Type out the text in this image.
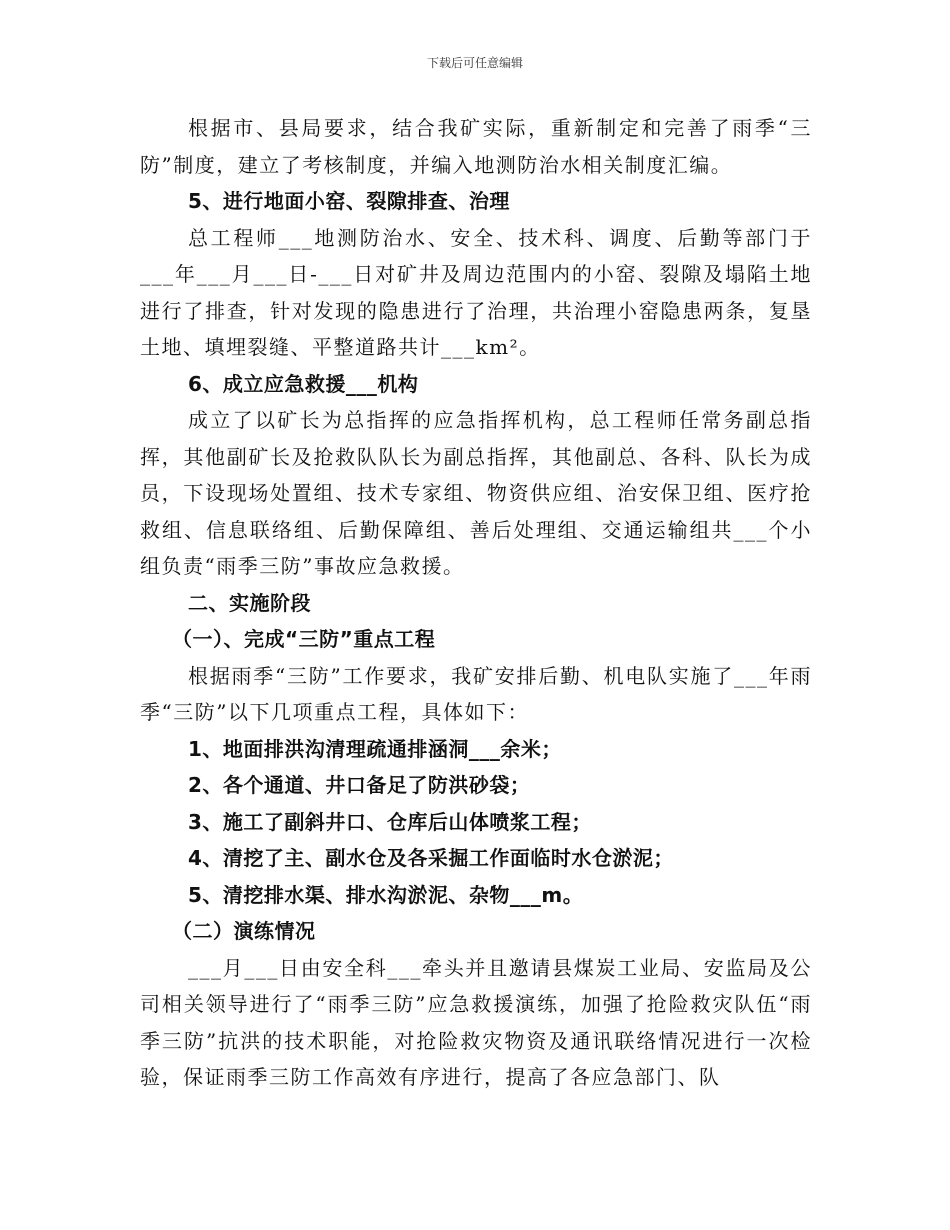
下载后可任意编辑

根据市、县局要求，结合我矿实际，重新制定和完善了雨季“三防”制度，建立了考核制度，并编入地测防治水相关制度汇编。

5、进行地面小窑、裂隙排查、治理

总工程师___地测防治水、安全、技术科、调度、后勤等部门于___年___月___日-___日对矿井及周边范围内的小窑、裂隙及塌陷土地进行了排查，针对发现的隐患进行了治理，共治理小窑隐患两条，复垦土地、填埋裂缝、平整道路共计___km²。

6、成立应急救援___机构

成立了以矿长为总指挥的应急指挥机构，总工程师任常务副总指挥，其他副矿长及抢救队队长为副总指挥，其他副总、各科、队长为成员，下设现场处置组、技术专家组、物资供应组、治安保卫组、医疗抢救组、信息联络组、后勤保障组、善后处理组、交通运输组共___个小组负责“雨季三防”事故应急救援。

二、实施阶段

（一）、完成“三防”重点工程

根据雨季“三防”工作要求，我矿安排后勤、机电队实施了___年雨季“三防”以下几项重点工程，具体如下：

1、地面排洪沟清理疏通排涵洞___余米；

2、各个通道、井口备足了防洪砂袋；

3、施工了副斜井口、仓库后山体喷浆工程；

4、清挖了主、副水仓及各采掘工作面临时水仓淤泥；

5、清挖排水渠、排水沟淤泥、杂物___m。

（二）演练情况

___月___日由安全科___牵头并且邀请县煤炭工业局、安监局及公司相关领导进行了“雨季三防”应急救援演练，加强了抢险救灾队伍“雨季三防”抗洪的技术职能，对抢险救灾物资及通讯联络情况进行一次检验，保证雨季三防工作高效有序进行，提高了各应急部门、队
